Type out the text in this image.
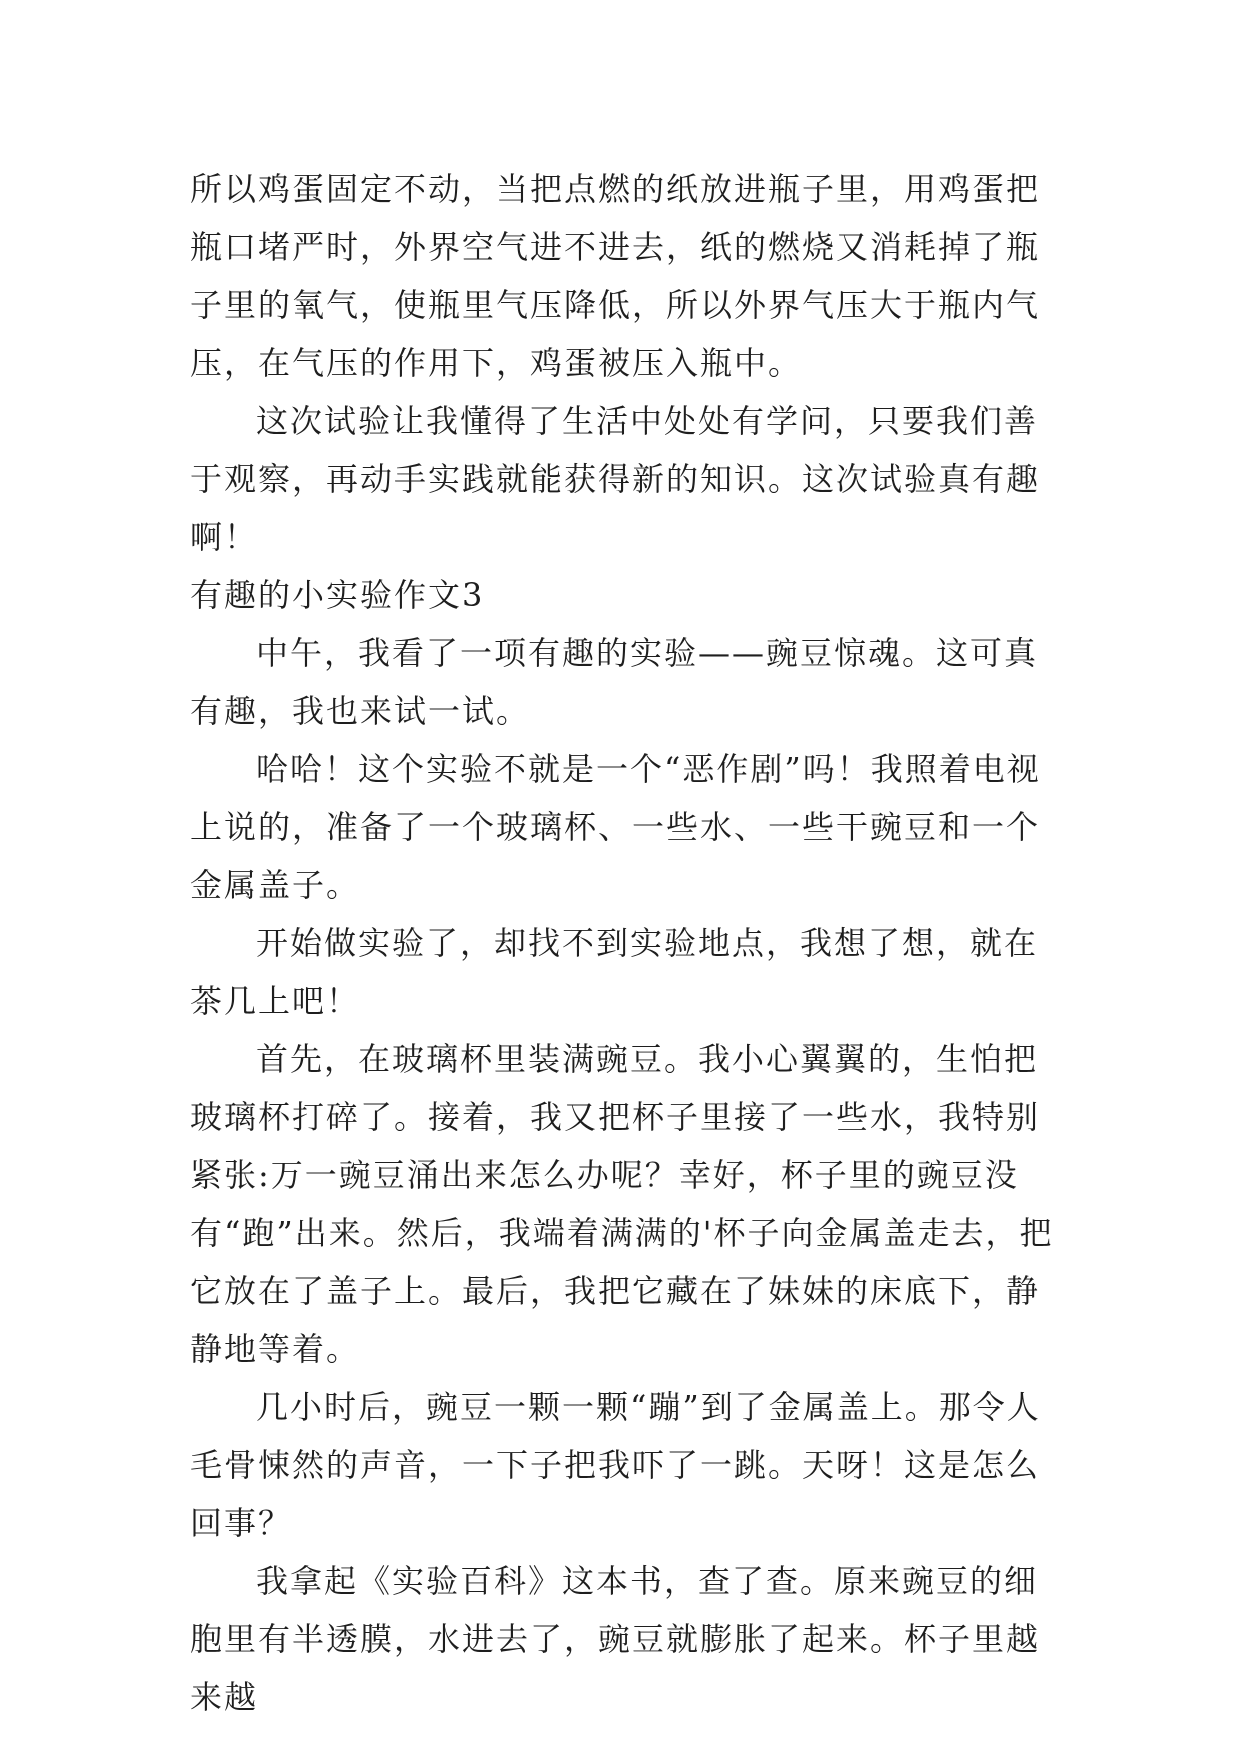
所以鸡蛋固定不动，当把点燃的纸放进瓶子里，用鸡蛋把瓶口堵严时，外界空气进不进去，纸的燃烧又消耗掉了瓶子里的氧气，使瓶里气压降低，所以外界气压大于瓶内气压，在气压的作用下，鸡蛋被压入瓶中。

这次试验让我懂得了生活中处处有学问，只要我们善于观察，再动手实践就能获得新的知识。这次试验真有趣啊！

有趣的小实验作文3

中午，我看了一项有趣的实验——豌豆惊魂。这可真有趣，我也来试一试。

哈哈！这个实验不就是一个“恶作剧”吗！我照着电视上说的，准备了一个玻璃杯、一些水、一些干豌豆和一个金属盖子。

开始做实验了，却找不到实验地点，我想了想，就在茶几上吧！

首先，在玻璃杯里装满豌豆。我小心翼翼的，生怕把玻璃杯打碎了。接着，我又把杯子里接了一些水，我特别紧张:万一豌豆涌出来怎么办呢？幸好，杯子里的豌豆没有“跑”出来。然后，我端着满满的'杯子向金属盖走去，把它放在了盖子上。最后，我把它藏在了妹妹的床底下，静静地等着。

几小时后，豌豆一颗一颗“蹦”到了金属盖上。那令人毛骨悚然的声音，一下子把我吓了一跳。天呀！这是怎么回事？

我拿起《实验百科》这本书，查了查。原来豌豆的细胞里有半透膜，水进去了，豌豆就膨胀了起来。杯子里越来越
